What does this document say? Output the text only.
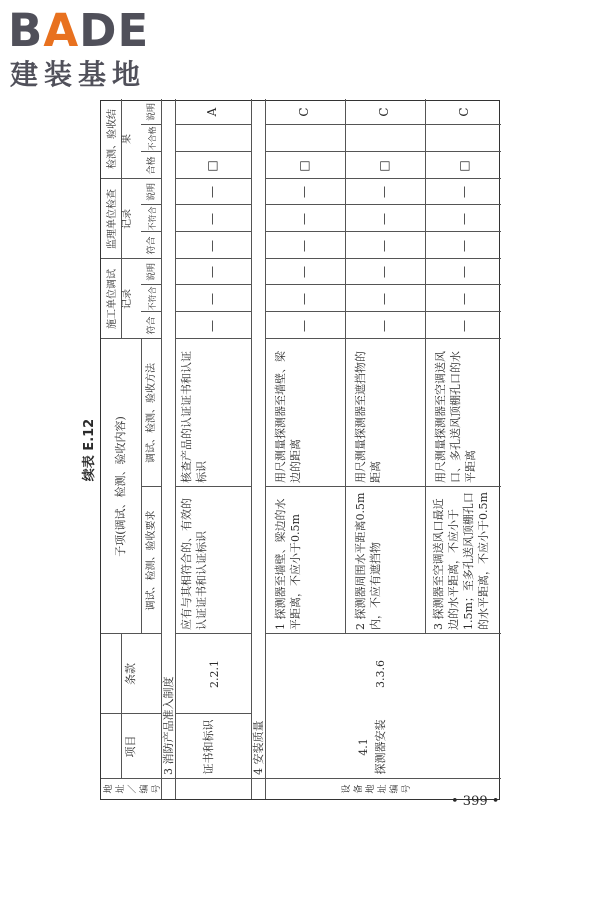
BADE
建装基地
续表 E.12
地址／编号
项目
条款
子项(调试、检测、验收内容)
调试、检测、验收要求
调试、检测、验收方法
施工单位调试记录
监理单位检查记录
检测、验收结果
符合
不符合
说明
符合
不符合
说明
合格
不合格
说明
3 消防产品准入制度	4 安装质量
证书和标识
2.2.1
应有与其相符合的、有效的认证证书和认证标识
核查产品的认证证书和认证标识
—
—
—
—
—
—
□
A
设备地址编号
4.1 探测器安装
3.3.6
1 探测器至墙壁、梁边的水平距离，不应小于0.5m
用尺测量探测器至墙壁、梁边的距离
—
—
—
—
—
—
□
C
2 探测器周围水平距离0.5m内，不应有遮挡物
用尺测量探测器至遮挡物的距离
—
—
—
—
—
—
□
C
3 探测器至空调送风口最近边的水平距离，不应小于1.5m；至多孔送风顶棚孔口的水平距离，不应小于0.5m
用尺测量探测器至空调送风口、多孔送风顶棚孔口的水平距离
—
—
—
—
—
—
□
C
• 399 •
